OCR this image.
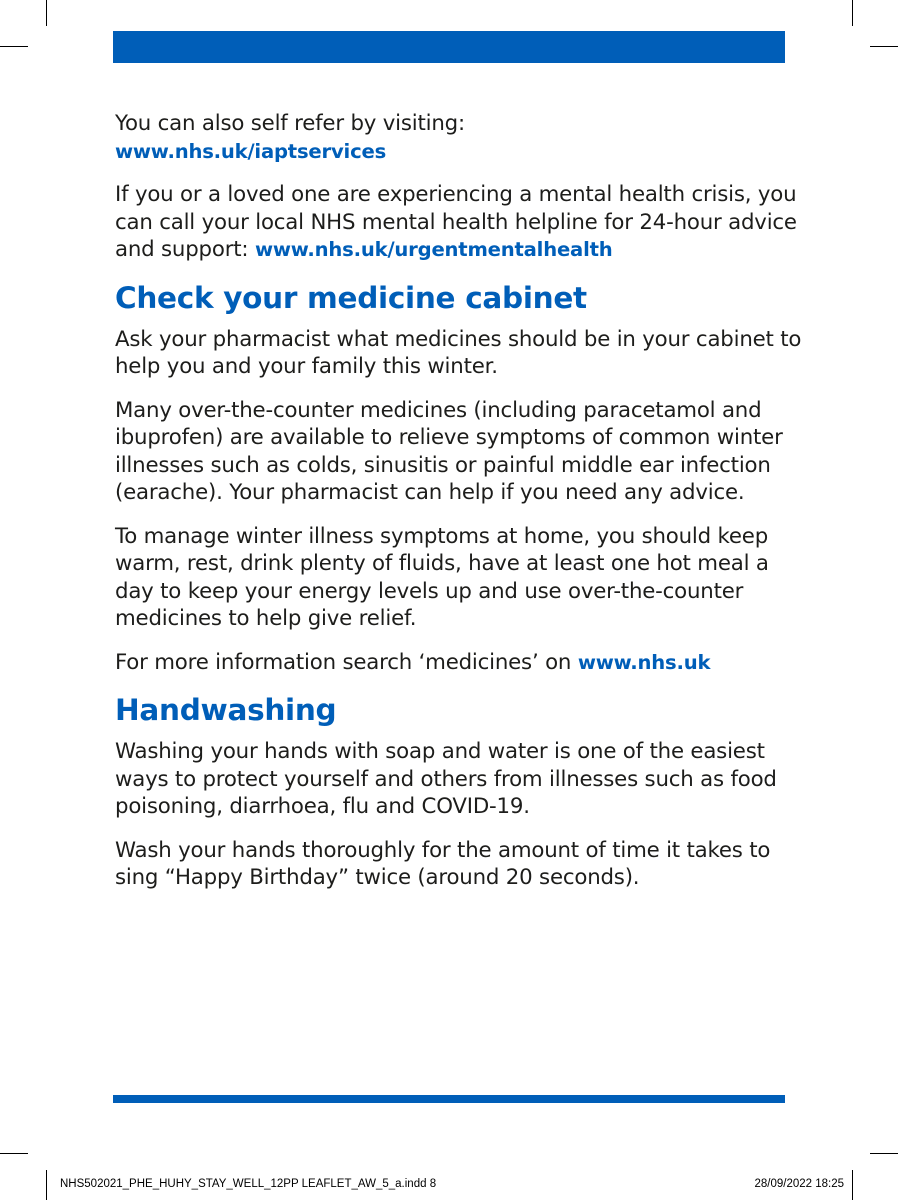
You can also self refer by visiting:
www.nhs.uk/iaptservices

If you or a loved one are experiencing a mental health crisis, you can call your local NHS mental health helpline for 24-hour advice and support: www.nhs.uk/urgentmentalhealth

Check your medicine cabinet

Ask your pharmacist what medicines should be in your cabinet to help you and your family this winter.

Many over-the-counter medicines (including paracetamol and ibuprofen) are available to relieve symptoms of common winter illnesses such as colds, sinusitis or painful middle ear infection (earache). Your pharmacist can help if you need any advice.

To manage winter illness symptoms at home, you should keep warm, rest, drink plenty of fluids, have at least one hot meal a day to keep your energy levels up and use over-the-counter medicines to help give relief.

For more information search ‘medicines’ on www.nhs.uk

Handwashing

Washing your hands with soap and water is one of the easiest ways to protect yourself and others from illnesses such as food poisoning, diarrhoea, flu and COVID-19.

Wash your hands thoroughly for the amount of time it takes to sing “Happy Birthday” twice (around 20 seconds).

NHS502021_PHE_HUHY_STAY_WELL_12PP LEAFLET_AW_5_a.indd 8	28/09/2022 18:25
